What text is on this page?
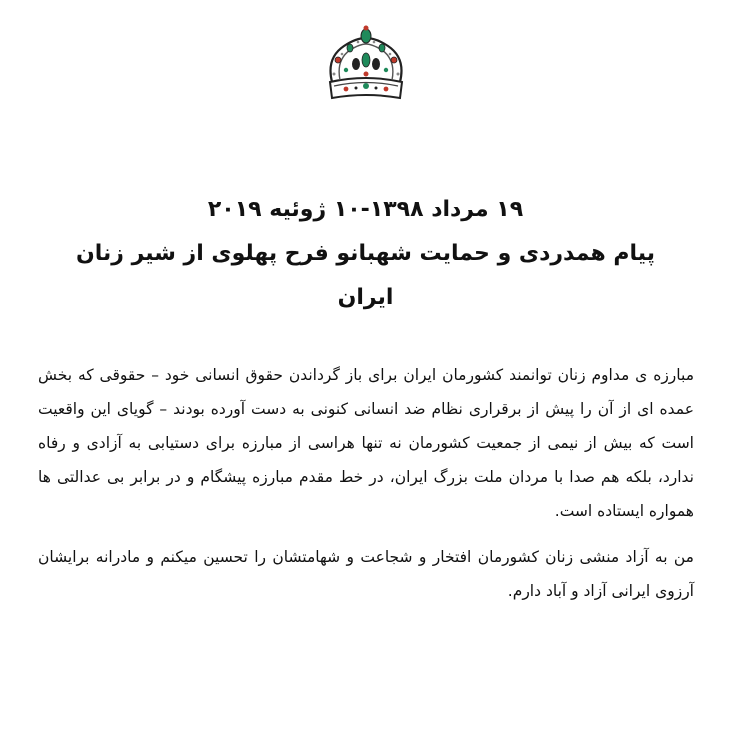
۱۹ مرداد ۱۳۹۸-۱۰ ژوئیه ۲۰۱۹
پیام همدردی و حمایت شهبانو فرح پهلوی از شیر زنان
ایران

مبارزه ی مداوم زنان توانمند کشورمان ایران برای باز گرداندن حقوق انسانی خود – حقوقی که بخش عمده ای از آن را پیش از برقراری نظام ضد انسانی کنونی به دست آورده بودند – گویای این واقعیت است که بیش از نیمی از جمعیت کشورمان نه تنها هراسی از مبارزه برای دستیابی به آزادی و رفاه ندارد، بلکه هم صدا با مردان ملت بزرگ ایران، در خط مقدم مبارزه پیشگام و در برابر بی عدالتی ها همواره ایستاده است.

من به آزاد منشی زنان کشورمان افتخار و شجاعت و شهامتشان را تحسین میکنم و مادرانه برایشان آرزوی ایرانی آزاد و آباد دارم.
